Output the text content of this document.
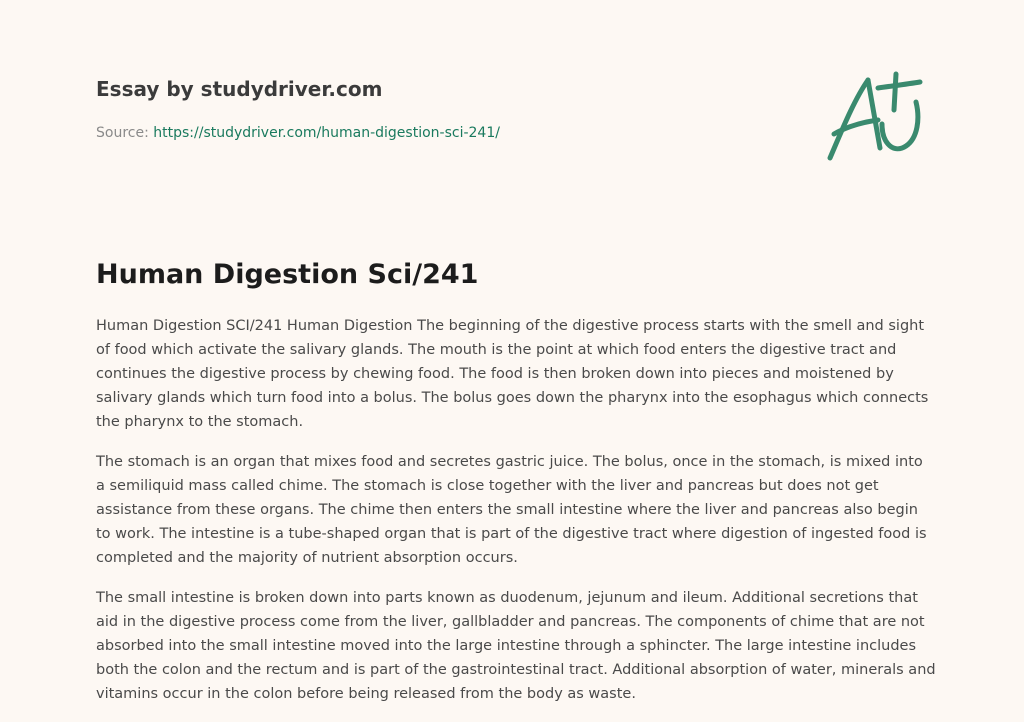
Essay by studydriver.com
Source: https://studydriver.com/human-digestion-sci-241/
Human Digestion Sci/241

Human Digestion SCI/241 Human Digestion The beginning of the digestive process starts with the smell and sight of food which activate the salivary glands. The mouth is the point at which food enters the digestive tract and continues the digestive process by chewing food. The food is then broken down into pieces and moistened by salivary glands which turn food into a bolus. The bolus goes down the pharynx into the esophagus which connects the pharynx to the stomach.

The stomach is an organ that mixes food and secretes gastric juice. The bolus, once in the stomach, is mixed into a semiliquid mass called chime. The stomach is close together with the liver and pancreas but does not get assistance from these organs. The chime then enters the small intestine where the liver and pancreas also begin to work. The intestine is a tube-shaped organ that is part of the digestive tract where digestion of ingested food is completed and the majority of nutrient absorption occurs.

The small intestine is broken down into parts known as duodenum, jejunum and ileum. Additional secretions that aid in the digestive process come from the liver, gallbladder and pancreas. The components of chime that are not absorbed into the small intestine moved into the large intestine through a sphincter. The large intestine includes both the colon and the rectum and is part of the gastrointestinal tract. Additional absorption of water, minerals and vitamins occur in the colon before being released from the body as waste.
